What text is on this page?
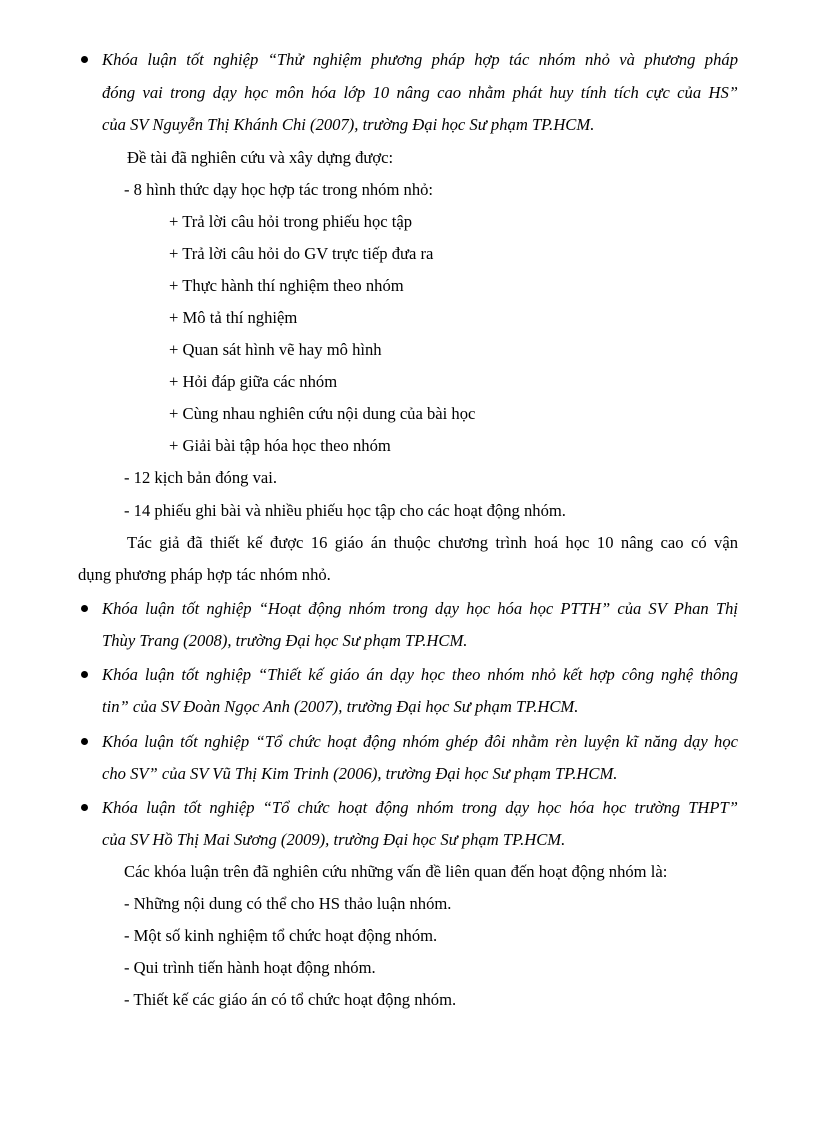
Khóa luận tốt nghiệp “Thử nghiệm phương pháp hợp tác nhóm nhỏ và phương pháp
đóng vai trong dạy học môn hóa lớp 10 nâng cao nhằm phát huy tính tích cực của HS”
của SV Nguyễn Thị Khánh Chi (2007), trường Đại học Sư phạm TP.HCM.
Đề tài đã nghiên cứu và xây dựng được:
- 8 hình thức dạy học hợp tác trong nhóm nhỏ:
+ Trả lời câu hỏi trong phiếu học tập
+ Trả lời câu hỏi do GV trực tiếp đưa ra
+ Thực hành thí nghiệm theo nhóm
+ Mô tả thí nghiệm
+ Quan sát hình vẽ hay mô hình
+ Hỏi đáp giữa các nhóm
+ Cùng nhau nghiên cứu nội dung của bài học
+ Giải bài tập hóa học theo nhóm
- 12 kịch bản đóng vai.
- 14 phiếu ghi bài và nhiều phiếu học tập cho các hoạt động nhóm.
Tác giả đã thiết kế được 16 giáo án thuộc chương trình hoá học 10 nâng cao có vận
dụng phương pháp hợp tác nhóm nhỏ.
Khóa luận tốt nghiệp “Hoạt động nhóm trong dạy học hóa học PTTH” của SV Phan Thị
Thùy Trang (2008), trường Đại học Sư phạm TP.HCM.
Khóa luận tốt nghiệp “Thiết kế giáo án dạy học theo nhóm nhỏ kết hợp công nghệ thông
tin” của SV Đoàn Ngọc Anh (2007), trường Đại học Sư phạm TP.HCM.
Khóa luận tốt nghiệp “Tổ chức hoạt động nhóm ghép đôi nhằm rèn luyện kĩ năng dạy học
cho SV” của SV Vũ Thị Kim Trinh (2006), trường Đại học Sư phạm TP.HCM.
Khóa luận tốt nghiệp “Tổ chức hoạt động nhóm trong dạy học hóa học trường THPT”
của SV Hồ Thị Mai Sương (2009), trường Đại học Sư phạm TP.HCM.
Các khóa luận trên đã nghiên cứu những vấn đề liên quan đến hoạt động nhóm là:
- Những nội dung có thể cho HS thảo luận nhóm.
- Một số kinh nghiệm tổ chức hoạt động nhóm.
- Qui trình tiến hành hoạt động nhóm.
- Thiết kế các giáo án có tổ chức hoạt động nhóm.
